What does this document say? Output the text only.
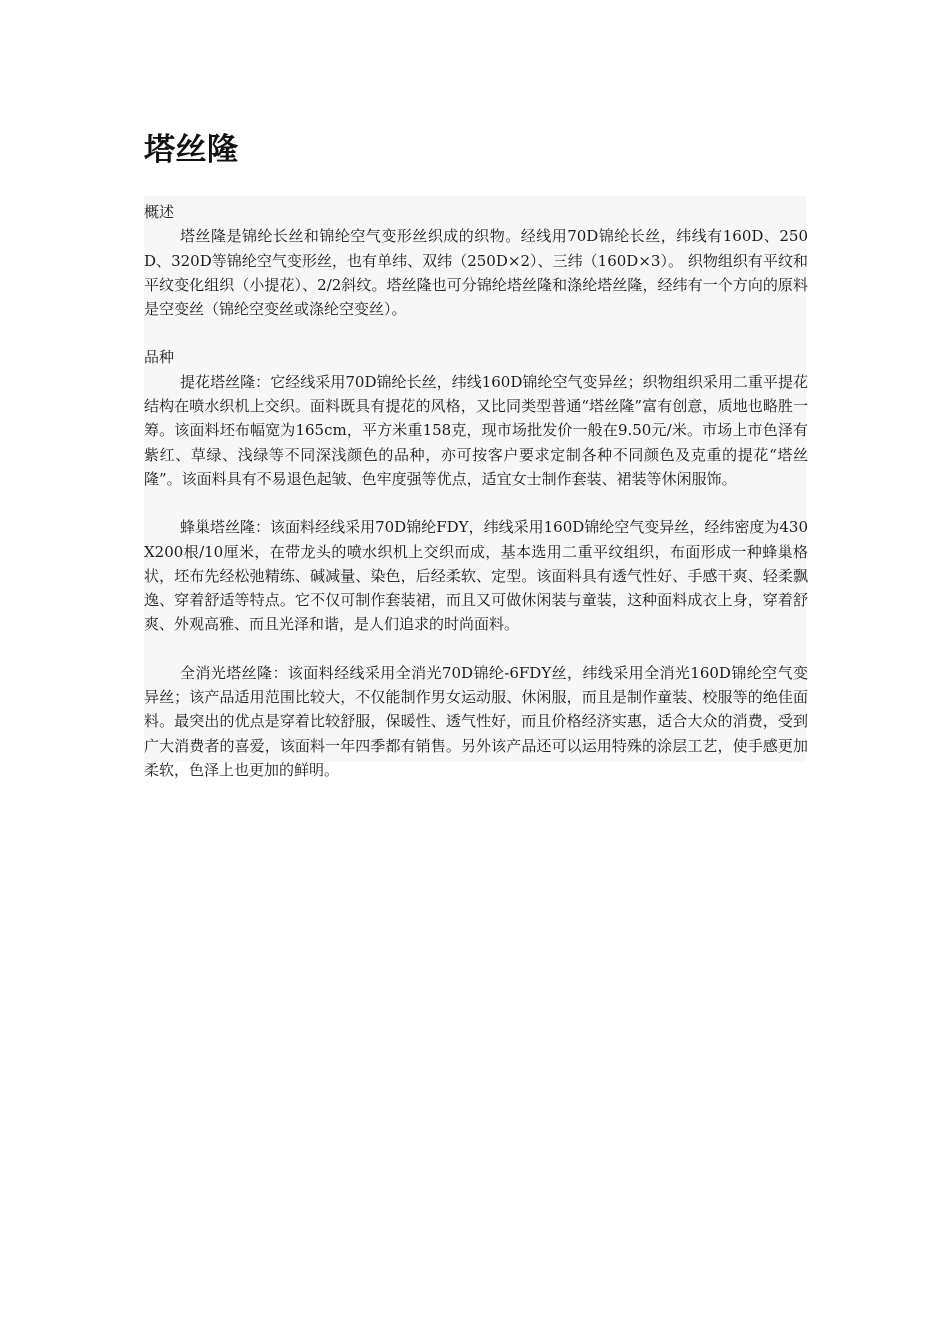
塔丝隆

概述

塔丝隆是锦纶长丝和锦纶空气变形丝织成的织物。经线用70D锦纶长丝，纬线有160D、250D、320D等锦纶空气变形丝，也有单纬、双纬（250D×2）、三纬（160D×3）。 织物组织有平纹和平纹变化组织（小提花）、2/2斜纹。塔丝隆也可分锦纶塔丝隆和涤纶塔丝隆，经纬有一个方向的原料是空变丝（锦纶空变丝或涤纶空变丝）。

品种

提花塔丝隆：它经线采用70D锦纶长丝，纬线160D锦纶空气变异丝；织物组织采用二重平提花结构在喷水织机上交织。面料既具有提花的风格，又比同类型普通“塔丝隆”富有创意，质地也略胜一筹。该面料坯布幅宽为165cm，平方米重158克，现市场批发价一般在9.50元/米。市场上市色泽有紫红、草绿、浅绿等不同深浅颜色的品种，亦可按客户要求定制各种不同颜色及克重的提花“塔丝隆”。该面料具有不易退色起皱、色牢度强等优点，适宜女士制作套装、裙装等休闲服饰。

蜂巢塔丝隆：该面料经线采用70D锦纶FDY，纬线采用160D锦纶空气变异丝，经纬密度为430X200根/10厘米，在带龙头的喷水织机上交织而成，基本选用二重平纹组织，布面形成一种蜂巢格状，坯布先经松弛精练、碱减量、染色，后经柔软、定型。该面料具有透气性好、手感干爽、轻柔飘逸、穿着舒适等特点。它不仅可制作套装裙，而且又可做休闲装与童装，这种面料成衣上身，穿着舒爽、外观高雅、而且光泽和谐，是人们追求的时尚面料。

全消光塔丝隆：该面料经线采用全消光70D锦纶-6FDY丝，纬线采用全消光160D锦纶空气变异丝；该产品适用范围比较大，不仅能制作男女运动服、休闲服，而且是制作童装、校服等的绝佳面料。最突出的优点是穿着比较舒服，保暖性、透气性好，而且价格经济实惠，适合大众的消费，受到广大消费者的喜爱，该面料一年四季都有销售。另外该产品还可以运用特殊的涂层工艺，使手感更加柔软，色泽上也更加的鲜明。
